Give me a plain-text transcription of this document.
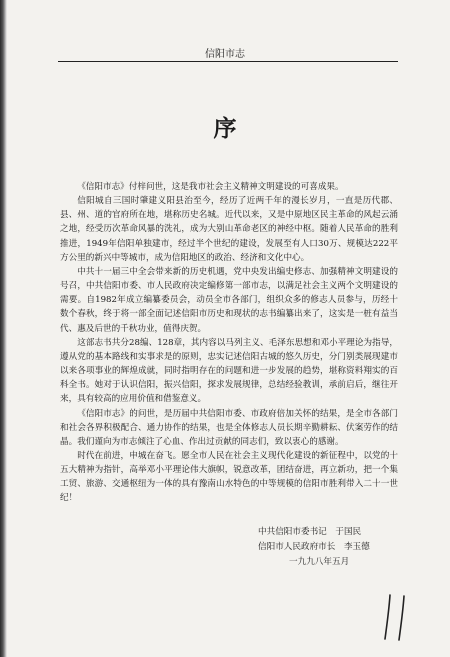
信阳市志
序

《信阳市志》付梓问世，这是我市社会主义精神文明建设的可喜成果。

信阳城自三国时肇建义阳县治至今，经历了近两千年的漫长岁月，一直是历代郡、县、州、道的官府所在地，堪称历史名城。近代以来，又是中原地区民主革命的风起云涌之地，经受历次革命风暴的洗礼，成为大别山革命老区的神经中枢。随着人民革命的胜利推进，1949年信阳单独建市，经过半个世纪的建设，发展至有人口30万、规模达222平方公里的新兴中等城市，成为信阳地区的政治、经济和文化中心。

中共十一届三中全会带来新的历史机遇，党中央发出编史修志、加强精神文明建设的号召，中共信阳市委、市人民政府决定编修第一部市志，以满足社会主义两个文明建设的需要。自1982年成立编纂委员会，动员全市各部门，组织众多的修志人员参与，历经十数个春秋，终于将一部全面记述信阳市历史和现状的志书编纂出来了，这实是一桩有益当代、惠及后世的千秋功业，值得庆贺。

这部志书共分28编、128章，其内容以马列主义、毛泽东思想和邓小平理论为指导，遵从党的基本路线和实事求是的原则，忠实记述信阳古城的悠久历史，分门别类展现建市以来各项事业的辉煌成就，同时指明存在的问题和进一步发展的趋势，堪称资料翔实的百科全书。她对于认识信阳，振兴信阳，探求发展规律，总结经验教训，承前启后，继往开来，具有较高的应用价值和借鉴意义。

《信阳市志》的问世，是历届中共信阳市委、市政府倍加关怀的结果，是全市各部门和社会各界积极配合、通力协作的结果，也是全体修志人员长期辛勤耕耘、伏案劳作的结晶。我们谨向为市志倾注了心血、作出过贡献的同志们，致以衷心的感谢。

时代在前进，申城在奋飞。愿全市人民在社会主义现代化建设的新征程中，以党的十五大精神为指针，高举邓小平理论伟大旗帜，锐意改革，团结奋进，再立新功，把一个集工贸、旅游、交通枢纽为一体的具有豫南山水特色的中等规模的信阳市胜利带入二十一世纪！

中共信阳市委书记　于国民
信阳市人民政府市长　李玉德
一九九八年五月
